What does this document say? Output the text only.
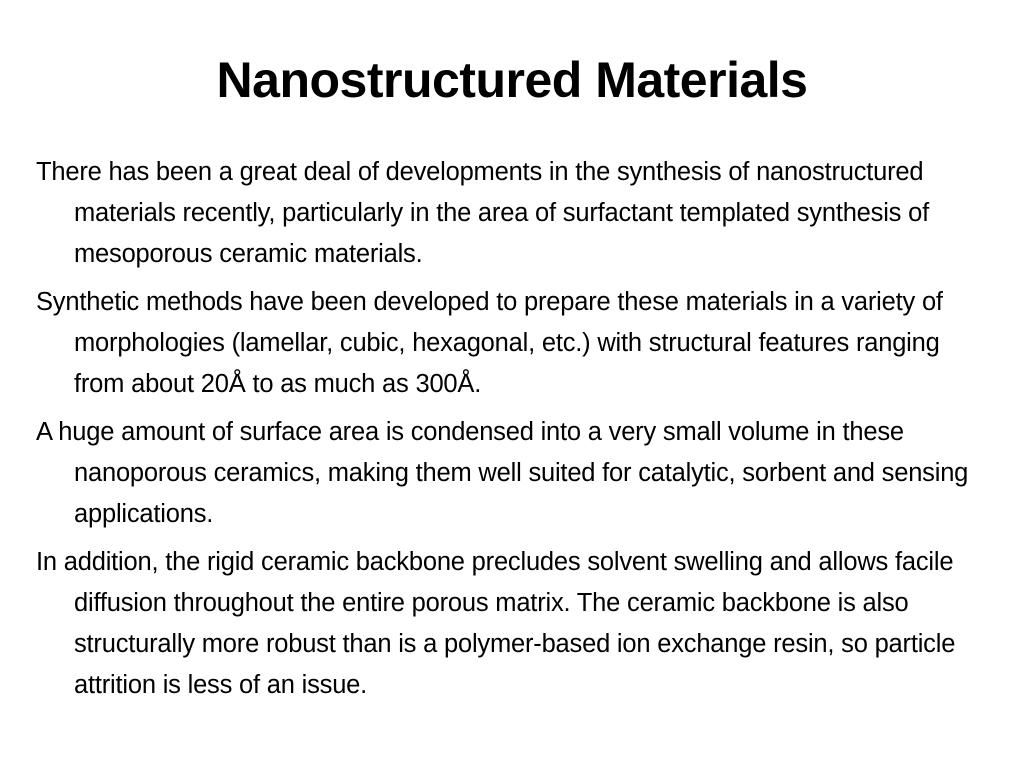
Nanostructured Materials

There has been a great deal of developments in the synthesis of nanostructured materials recently, particularly in the area of surfactant templated synthesis of mesoporous ceramic materials.

Synthetic methods have been developed to prepare these materials in a variety of morphologies (lamellar, cubic, hexagonal, etc.) with structural features ranging from about 20Å to as much as 300Å.

A huge amount of surface area is condensed into a very small volume in these nanoporous ceramics, making them well suited for catalytic, sorbent and sensing applications.

In addition, the rigid ceramic backbone precludes solvent swelling and allows facile diffusion throughout the entire porous matrix. The ceramic backbone is also structurally more robust than is a polymer-based ion exchange resin, so particle attrition is less of an issue.
